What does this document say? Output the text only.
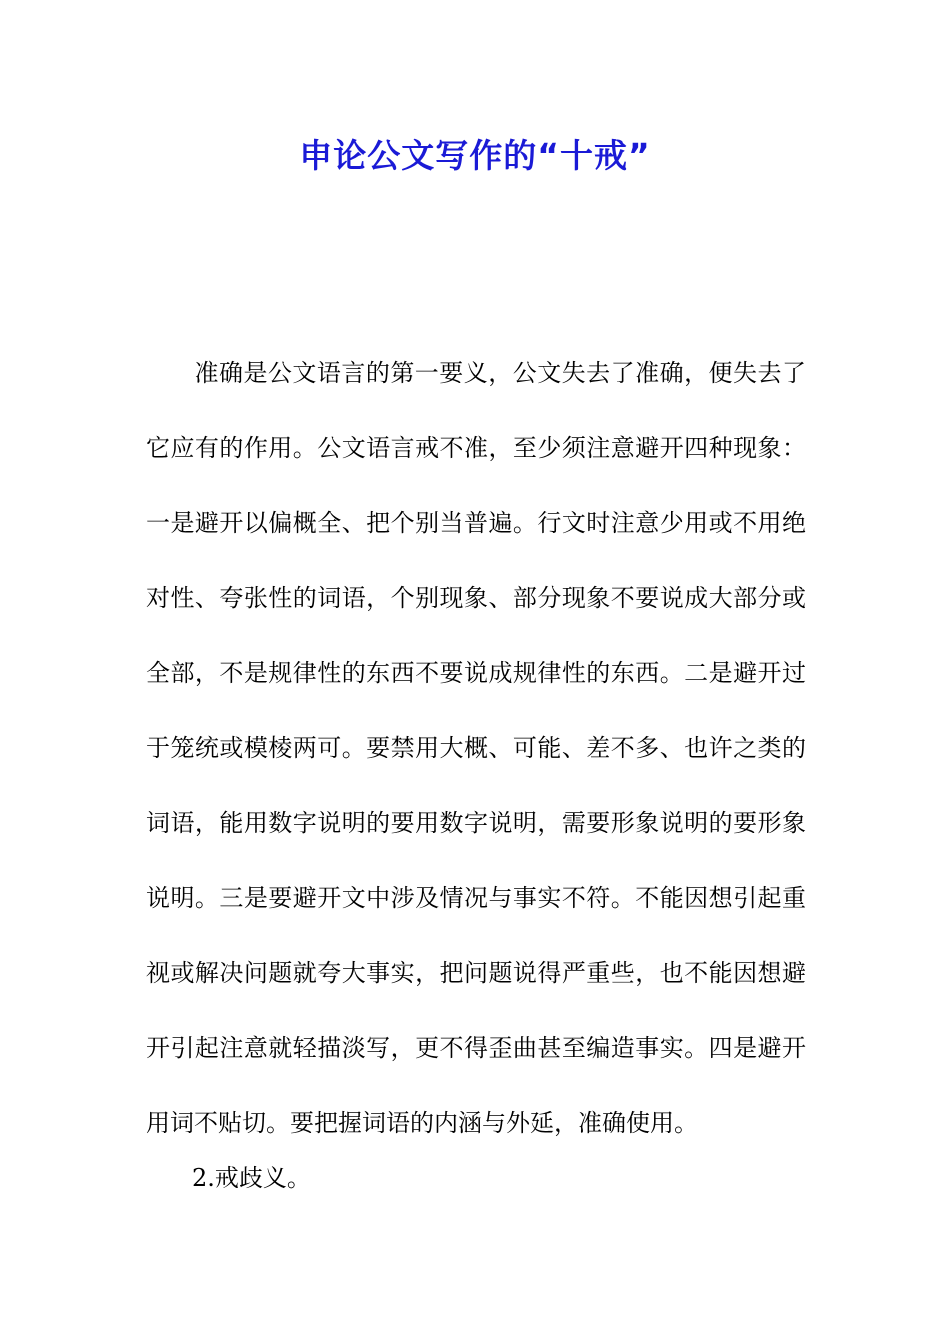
申论公文写作的“十戒”

准确是公文语言的第一要义，公文失去了准确，便失去了它应有的作用。公文语言戒不准，至少须注意避开四种现象：一是避开以偏概全、把个别当普遍。行文时注意少用或不用绝对性、夸张性的词语，个别现象、部分现象不要说成大部分或全部，不是规律性的东西不要说成规律性的东西。二是避开过于笼统或模棱两可。要禁用大概、可能、差不多、也许之类的词语，能用数字说明的要用数字说明，需要形象说明的要形象说明。三是要避开文中涉及情况与事实不符。不能因想引起重视或解决问题就夸大事实，把问题说得严重些，也不能因想避开引起注意就轻描淡写，更不得歪曲甚至编造事实。四是避开用词不贴切。要把握词语的内涵与外延，准确使用。

2.戒歧义。
